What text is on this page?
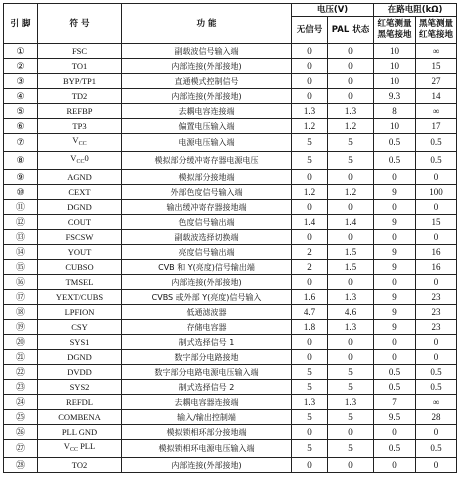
引 脚	符 号	功 能	电压(V)		在路电阻(kΩ)	
			无信号	PAL 状态	红笔测量黑笔接地	黑笔测量红笔接地
①	FSC	副载波信号输入端	0	0	10	∞
②	TO1	内部连接(外部接地)	0	0	10	15
③	BYP/TP1	直通模式控制信号	0	0	10	27
④	TD2	内部连接(外部接地)	0	0	9.3	14
⑤	REFBP	去耦电容连接端	1.3	1.3	8	∞
⑥	TP3	偏置电压输入端	1.2	1.2	10	17
⑦	$V_{CC}$	电源电压输入端	5	5	0.5	0.5
⑧	$V_{CC}0$	模拟部分缓冲寄存器电源电压	5	5	0.5	0.5
⑨	AGND	模拟部分接地端	0	0	0	0
⑩	CEXT	外部色度信号输入端	1.2	1.2	9	100
⑪	DGND	输出缓冲寄存器接地端	0	0	0	0
⑫	COUT	色度信号输出端	1.4	1.4	9	15
⑬	FSCSW	副载波选择切换端	0	0	0	0
⑭	YOUT	亮度信号输出端	2	1.5	9	16
⑮	CUBSO	CVB 和 Y(亮度)信号输出端	2	1.5	9	16
⑯	TMSEL	内部连接(外部接地)	0	0	0	0
⑰	YEXT/CUBS	CVBS 或外部 Y(亮度)信号输入	1.6	1.3	9	23
⑱	LPFION	低通滤波器	4.7	4.6	9	23
⑲	CSY	存储电容器	1.8	1.3	9	23
⑳	SYS1	制式选择信号 1	0	0	0	0
㉑	DGND	数字部分电路接地	0	0	0	0
㉒	DVDD	数字部分电路电源电压输入端	5	5	0.5	0.5
㉓	SYS2	制式选择信号 2	5	5	0.5	0.5
㉔	REFDL	去耦电容器连接端	1.3	1.3	7	∞
㉕	COMBENA	输入/输出控制端	5	5	9.5	28
㉖	PLL GND	模拟锁相环部分接地端	0	0	0	0
㉗	$V_{CC}$ PLL	模拟锁相环电源电压输入端	5	5	0.5	0.5
㉘	TO2	内部连接(外部接地)	0	0	0	0
